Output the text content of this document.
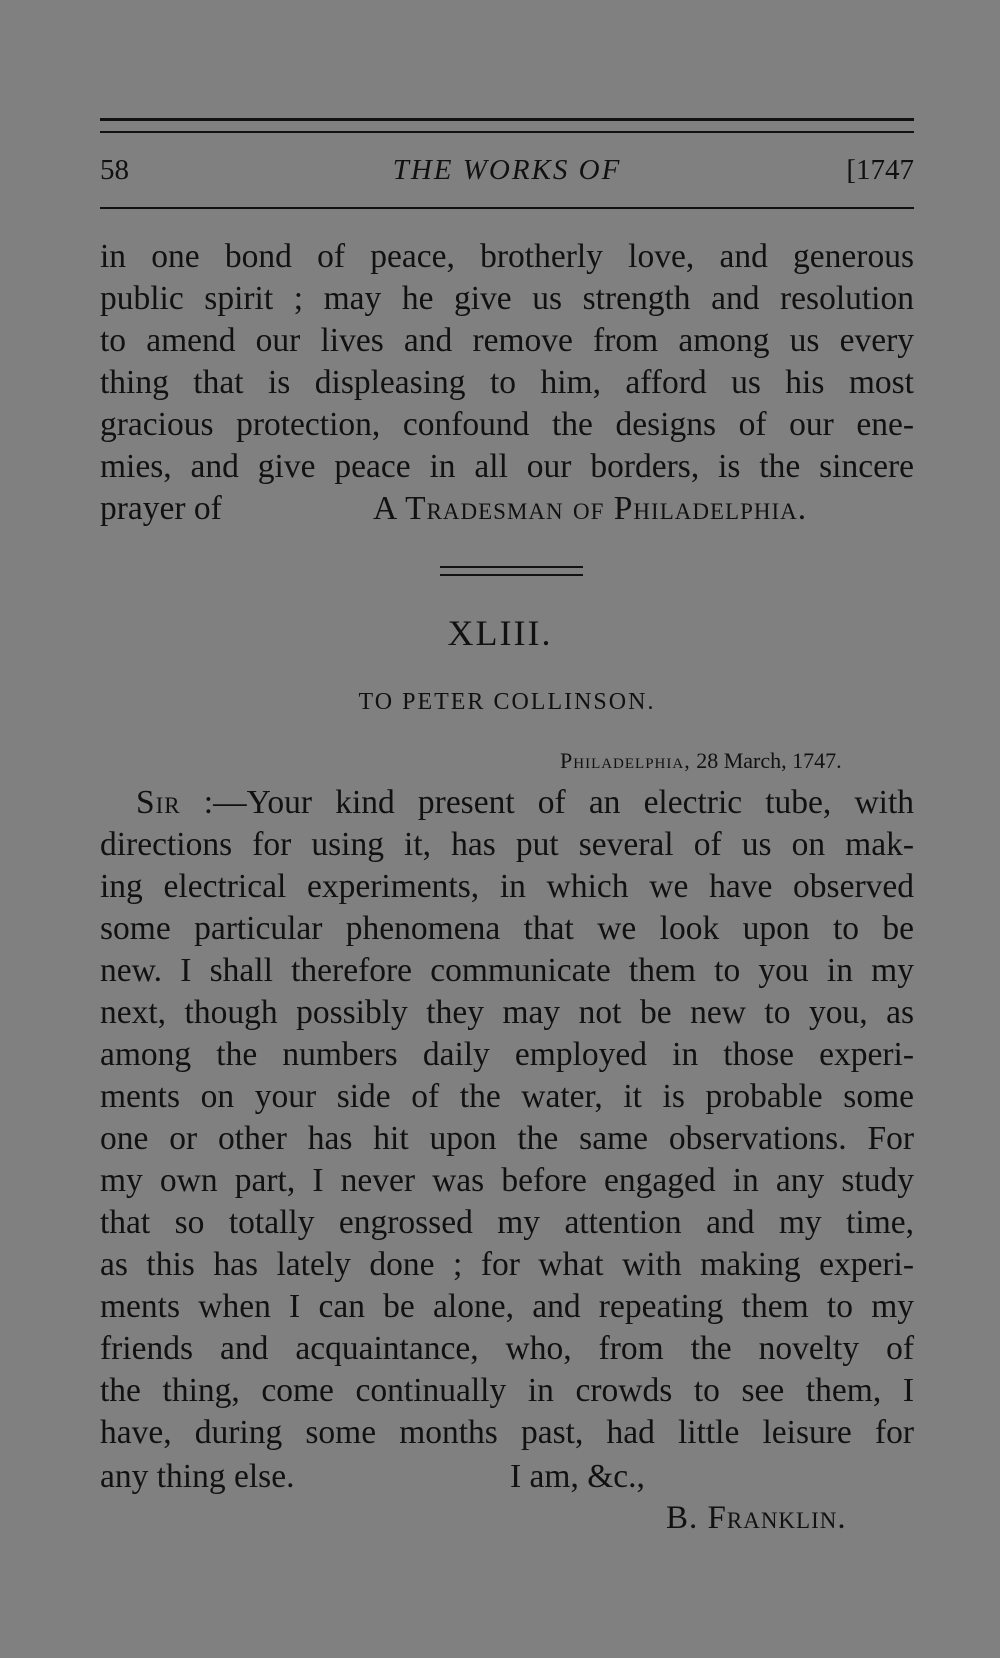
58	THE WORKS OF	[1747
in one bond of peace, brotherly love, and generous
public spirit ; may he give us strength and resolution
to amend our lives and remove from among us every
thing that is displeasing to him, afford us his most
gracious protection, confound the designs of our ene-
mies, and give peace in all our borders, is the sincere
prayer of	A Tradesman of Philadelphia.
XLIII.
TO PETER COLLINSON.
Philadelphia, 28 March, 1747.
Sir :—Your kind present of an electric tube, with
directions for using it, has put several of us on mak-
ing electrical experiments, in which we have observed
some particular phenomena that we look upon to be
new. I shall therefore communicate them to you in my
next, though possibly they may not be new to you, as
among the numbers daily employed in those experi-
ments on your side of the water, it is probable some
one or other has hit upon the same observations. For
my own part, I never was before engaged in any study
that so totally engrossed my attention and my time,
as this has lately done ; for what with making experi-
ments when I can be alone, and repeating them to my
friends and acquaintance, who, from the novelty of
the thing, come continually in crowds to see them, I
have, during some months past, had little leisure for
any thing else.	I am, &c.,
B. Franklin.
